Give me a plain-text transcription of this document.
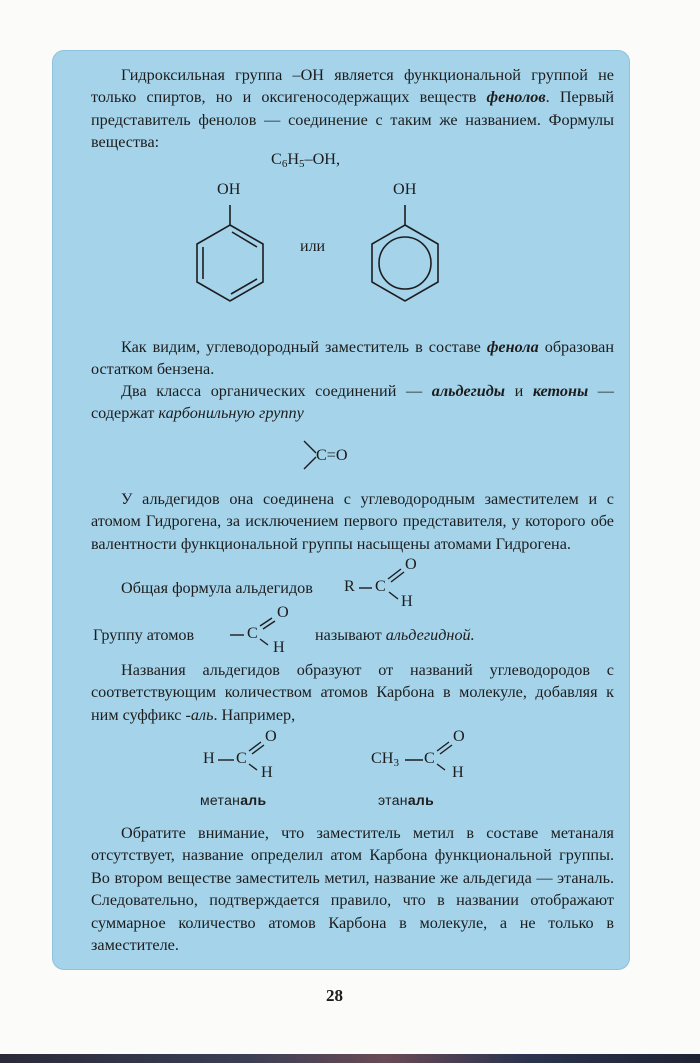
Гидроксильная группа –OH является функциональной группой не только спиртов, но и оксигеносодержащих веществ фенолов. Первый представитель фенолов — соединение с таким же названием. Формулы вещества:

$C_6H_5-OH$,
OH
или
OH

Как видим, углеводородный заместитель в составе фенола образован остатком бензена.

Два класса органических соединений — альдегиды и кетоны — содержат карбонильную группу

C=O

У альдегидов она соединена с углеводородным заместителем и с атомом Гидрогена, за исключением первого представителя, у которого обе валентности функциональной группы насыщены атомами Гидрогена.

Общая формула альдегидов R C
O
H
Группу атомов	C
O
H
называют альдегидной.

Названия альдегидов образуют от названий углеводородов с соответствующим количеством атомов Карбона в молекуле, добавляя к ним суффикс -аль. Например,

H C
O
H
метаналь
$CH_3$ C
O
H
этаналь

Обратите внимание, что заместитель метил в составе метаналя отсутствует, название определил атом Карбона функциональной группы. Во втором веществе заместитель метил, название же альдегида — этаналь. Следовательно, подтверждается правило, что в названии отображают суммарное количество атомов Карбона в молекуле, а не только в заместителе.

28
